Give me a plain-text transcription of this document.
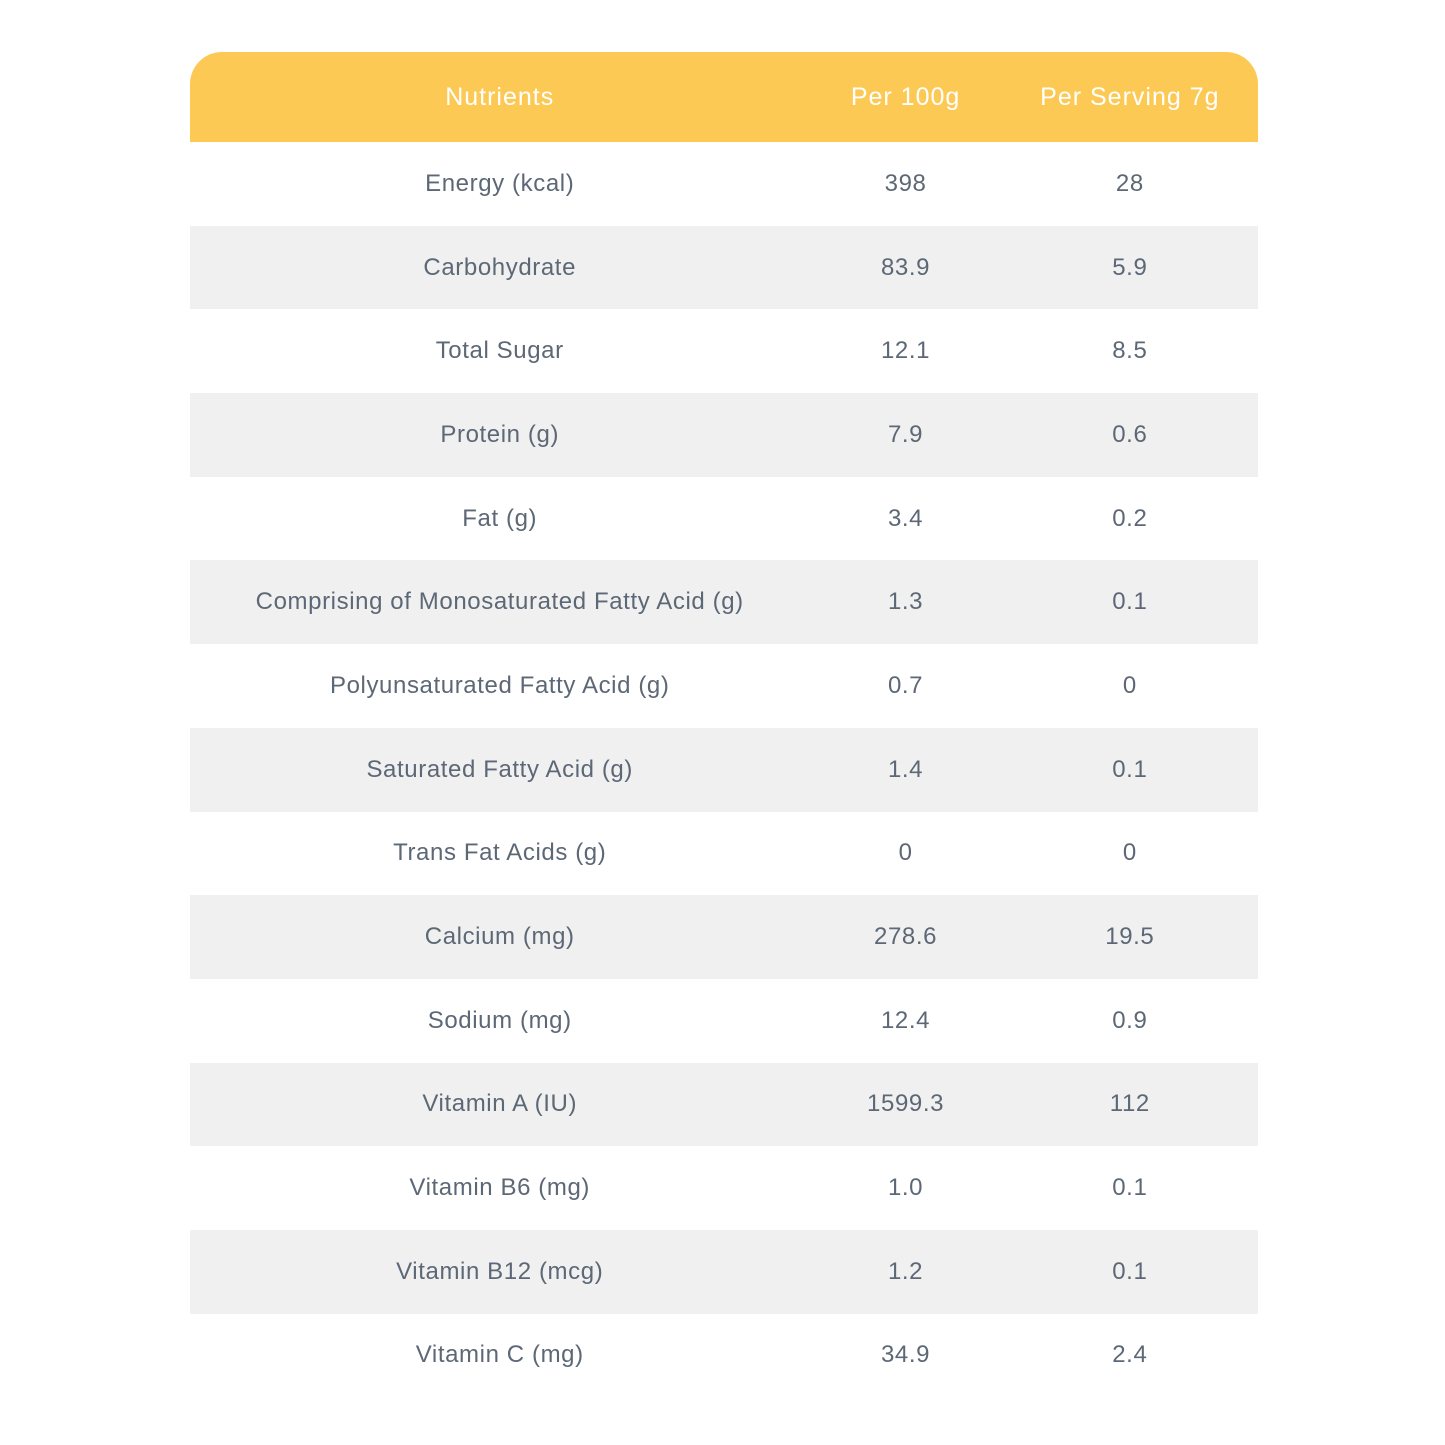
Nutrients	Per 100g	Per Serving 7g
Energy (kcal)	398	28
Carbohydrate	83.9	5.9
Total Sugar	12.1	8.5
Protein (g)	7.9	0.6
Fat (g)	3.4	0.2
Comprising of Monosaturated Fatty Acid (g)	1.3	0.1
Polyunsaturated Fatty Acid (g)	0.7	0
Saturated Fatty Acid (g)	1.4	0.1
Trans Fat Acids (g)	0	0
Calcium (mg)	278.6	19.5
Sodium (mg)	12.4	0.9
Vitamin A (IU)	1599.3	112
Vitamin B6 (mg)	1.0	0.1
Vitamin B12 (mcg)	1.2	0.1
Vitamin C (mg)	34.9	2.4
